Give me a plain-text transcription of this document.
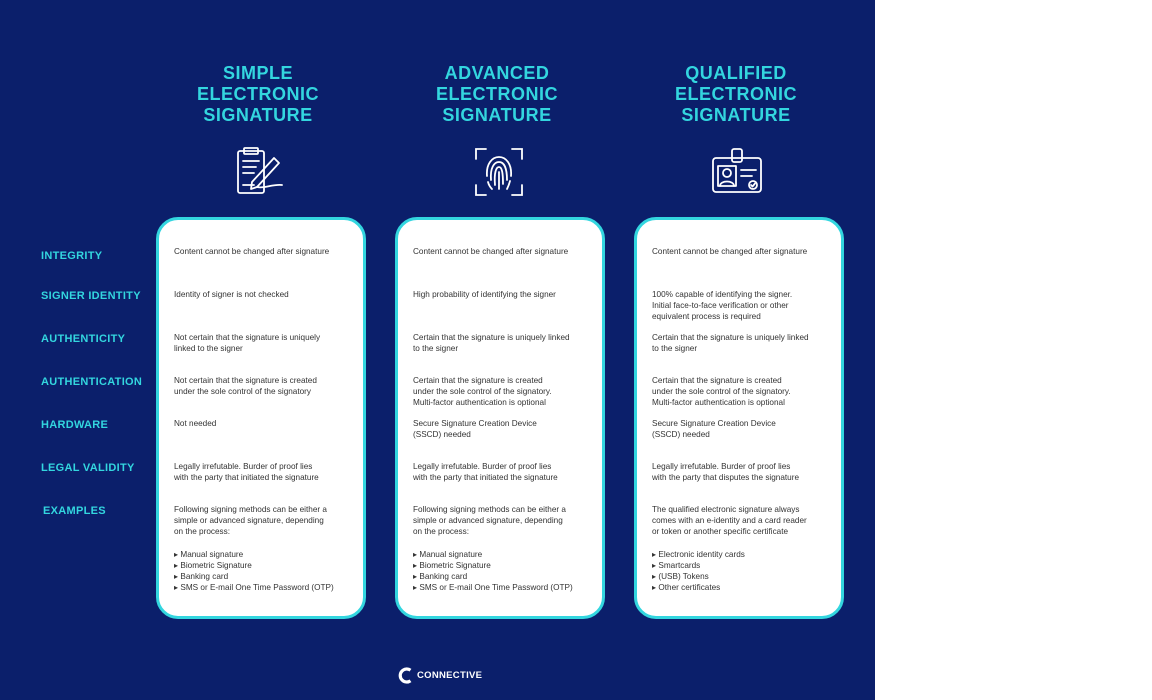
SIMPLE
ELECTRONIC
SIGNATURE
ADVANCED
ELECTRONIC
SIGNATURE
QUALIFIED
ELECTRONIC
SIGNATURE
INTEGRITY
SIGNER IDENTITY
AUTHENTICITY
AUTHENTICATION
HARDWARE
LEGAL VALIDITY
EXAMPLES
Content cannot be changed after signature
Identity of signer is not checked
Not certain that the signature is uniquely
linked to the signer
Not certain that the signature is created
under the sole control of the signatory
Not needed
Legally irrefutable. Burder of proof lies
with the party that initiated the signature
Following signing methods can be either a
simple or advanced signature, depending
on the process:
▸ Manual signature
▸ Biometric Signature
▸ Banking card
▸ SMS or E-mail One Time Password (OTP)
Content cannot be changed after signature
High probability of identifying the signer
Certain that the signature is uniquely linked
to the signer
Certain that the signature is created
under the sole control of the signatory.
Multi-factor authentication is optional
Secure Signature Creation Device
(SSCD) needed
Legally irrefutable. Burder of proof lies
with the party that initiated the signature
Following signing methods can be either a
simple or advanced signature, depending
on the process:
▸ Manual signature
▸ Biometric Signature
▸ Banking card
▸ SMS or E-mail One Time Password (OTP)
Content cannot be changed after signature
100% capable of identifying the signer.
Initial face-to-face verification or other
equivalent process is required
Certain that the signature is uniquely linked
to the signer
Certain that the signature is created
under the sole control of the signatory.
Multi-factor authentication is optional
Secure Signature Creation Device
(SSCD) needed
Legally irrefutable. Burder of proof lies
with the party that disputes the signature
The qualified electronic signature always
comes with an e-identity and a card reader
or token or another specific certificate
▸ Electronic identity cards
▸ Smartcards
▸ (USB) Tokens
▸ Other certificates
CONNECTIVE
